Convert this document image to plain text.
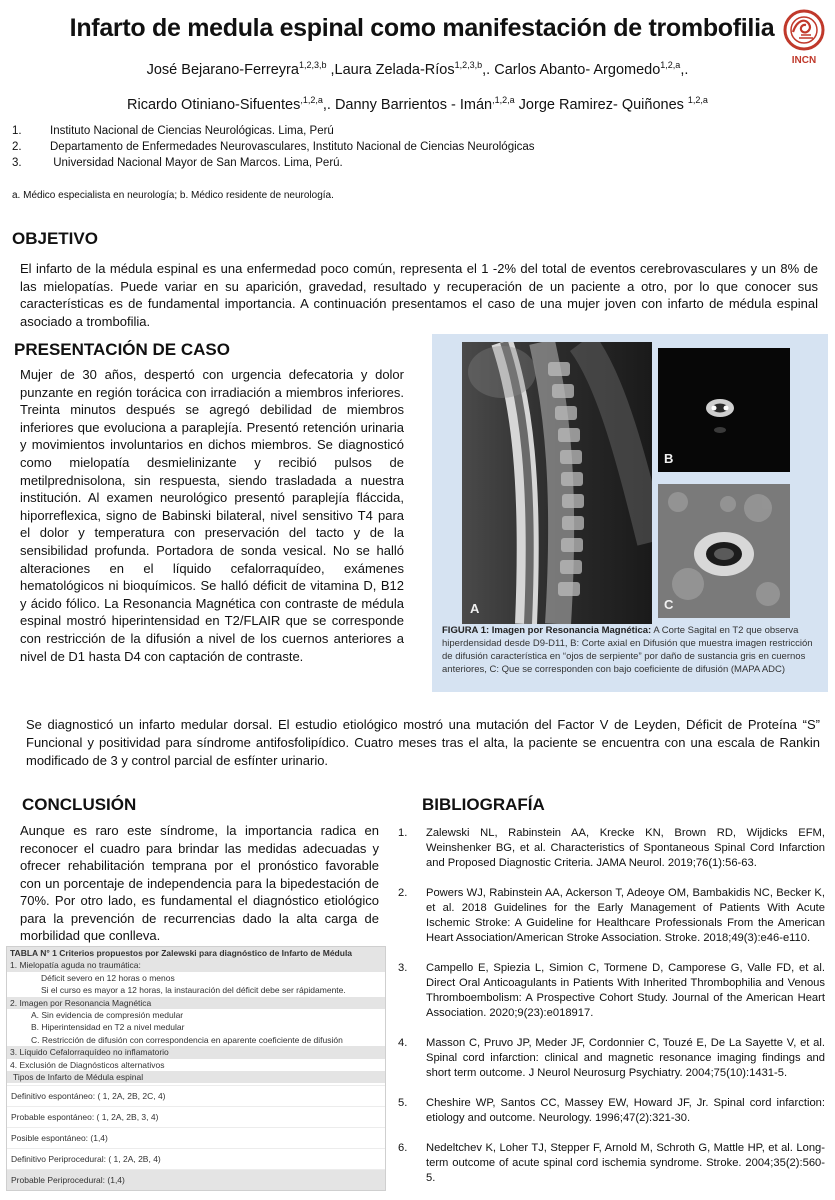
Infarto de medula espinal como manifestación de trombofilia
INCN
José Bejarano-Ferreyra$^{1,2,3,b}$ ,Laura Zelada-Ríos$^{1,2,3,b}$,. Carlos Abanto- Argomedo$^{1,2,a}$,.
Ricardo Otiniano-Sifuentes$^{,1,2,a}$,. Danny Barrientos - Imán$^{,1,2,a}$ Jorge Ramirez- Quiñones $^{1,2,a}$
1. Instituto Nacional de Ciencias Neurológicas. Lima, Perú
2. Departamento de Enfermedades Neurovasculares, Instituto Nacional de Ciencias Neurológicas
3. Universidad Nacional Mayor de San Marcos. Lima, Perú.
a. Médico especialista en neurología; b. Médico residente de neurología.
OBJETIVO
El infarto de la médula espinal es una enfermedad poco común, representa el 1 -2% del total de eventos cerebrovasculares y un 8% de las mielopatías. Puede variar en su aparición, gravedad, resultado y recuperación de un paciente a otro, por lo que conocer sus características es de fundamental importancia. A continuación presentamos el caso de una mujer joven con infarto de médula espinal asociado a trombofilia.
PRESENTACIÓN DE CASO
Mujer de 30 años, despertó con urgencia defecatoria y dolor punzante en región torácica con irradiación a miembros inferiores. Treinta minutos después se agregó debilidad de miembros inferiores que evoluciona a paraplejía. Presentó retención urinaria y movimientos involuntarios en dichos miembros. Se diagnosticó como mielopatía desmielinizante y recibió pulsos de metilprednisolona, sin respuesta, siendo trasladada a nuestra institución. Al examen neurológico presentó paraplejía fláccida, hiporreflexica, signo de Babinski bilateral, nivel sensitivo T4 para el dolor y temperatura con preservación del tacto y de la sensibilidad profunda. Portadora de sonda vesical. No se halló alteraciones en el líquido cefalorraquídeo, exámenes hematológicos ni bioquímicos. Se halló déficit de vitamina D, B12 y ácido fólico. La Resonancia Magnética con contraste de médula espinal mostró hiperintensidad en T2/FLAIR que se corresponde con restricción de la difusión a nivel de los cuernos anteriores a nivel de D1 hasta D4 con captación de contraste.
A
B
C
FIGURA 1: Imagen por Resonancia Magnética: A Corte Sagital en T2 que observa hiperdensidad desde D9-D11, B: Corte axial en Difusión que muestra imagen restricción de difusión característica en “ojos de serpiente” por daño de sustancia gris en cuernos anteriores, C: Que se corresponden con bajo coeficiente de difusión (MAPA ADC)
Se diagnosticó un infarto medular dorsal. El estudio etiológico mostró una mutación del Factor V de Leyden, Déficit de Proteína “S” Funcional y positividad para síndrome antifosfolipídico. Cuatro meses tras el alta, la paciente se encuentra con una escala de Rankin modificado de 3 y control parcial de esfínter urinario.
CONCLUSIÓN
Aunque es raro este síndrome, la importancia radica en reconocer el cuadro para brindar las medidas adecuadas y ofrecer rehabilitación temprana por el pronóstico favorable con un porcentaje de independencia para la bipedestación de 70%. Por otro lado, es fundamental el diagnóstico etiológico para la prevención de recurrencias dado la alta carga de morbilidad que conlleva.
TABLA N° 1 Criterios propuestos por Zalewski para diagnóstico de Infarto de Médula
1. Mielopatía aguda no traumática:
Déficit severo en 12 horas o menos
Si el curso es mayor a 12 horas, la instauración del déficit debe ser rápidamente.
2. Imagen por Resonancia Magnética
A. Sin evidencia de compresión medular
B. Hiperintensidad en T2 a nivel medular
C. Restricción de difusión con correspondencia en aparente coeficiente de difusión
3. Líquido Cefalorraquídeo no inflamatorio
4. Exclusión de Diagnósticos alternativos
Tipos de Infarto de Médula espinal
Definitivo espontáneo: ( 1, 2A, 2B, 2C, 4)
Probable espontáneo: ( 1, 2A, 2B, 3, 4)
Posible espontáneo: (1,4)
Definitivo Periprocedural: ( 1, 2A, 2B, 4)
Probable Periprocedural: (1,4)
BIBLIOGRAFÍA
1.	Zalewski NL, Rabinstein AA, Krecke KN, Brown RD, Wijdicks EFM, Weinshenker BG, et al. Characteristics of Spontaneous Spinal Cord Infarction and Proposed Diagnostic Criteria. JAMA Neurol. 2019;76(1):56-63.
2.	Powers WJ, Rabinstein AA, Ackerson T, Adeoye OM, Bambakidis NC, Becker K, et al. 2018 Guidelines for the Early Management of Patients With Acute Ischemic Stroke: A Guideline for Healthcare Professionals From the American Heart Association/American Stroke Association. Stroke. 2018;49(3):e46-e110.
3.	Campello E, Spiezia L, Simion C, Tormene D, Camporese G, Valle FD, et al. Direct Oral Anticoagulants in Patients With Inherited Thrombophilia and Venous Thromboembolism: A Prospective Cohort Study. Journal of the American Heart Association. 2020;9(23):e018917.
4.	Masson C, Pruvo JP, Meder JF, Cordonnier C, Touzé E, De La Sayette V, et al. Spinal cord infarction: clinical and magnetic resonance imaging findings and short term outcome. J Neurol Neurosurg Psychiatry. 2004;75(10):1431-5.
5.	Cheshire WP, Santos CC, Massey EW, Howard JF, Jr. Spinal cord infarction: etiology and outcome. Neurology. 1996;47(2):321-30.
6.	Nedeltchev K, Loher TJ, Stepper F, Arnold M, Schroth G, Mattle HP, et al. Long-term outcome of acute spinal cord ischemia syndrome. Stroke. 2004;35(2):560-5.
